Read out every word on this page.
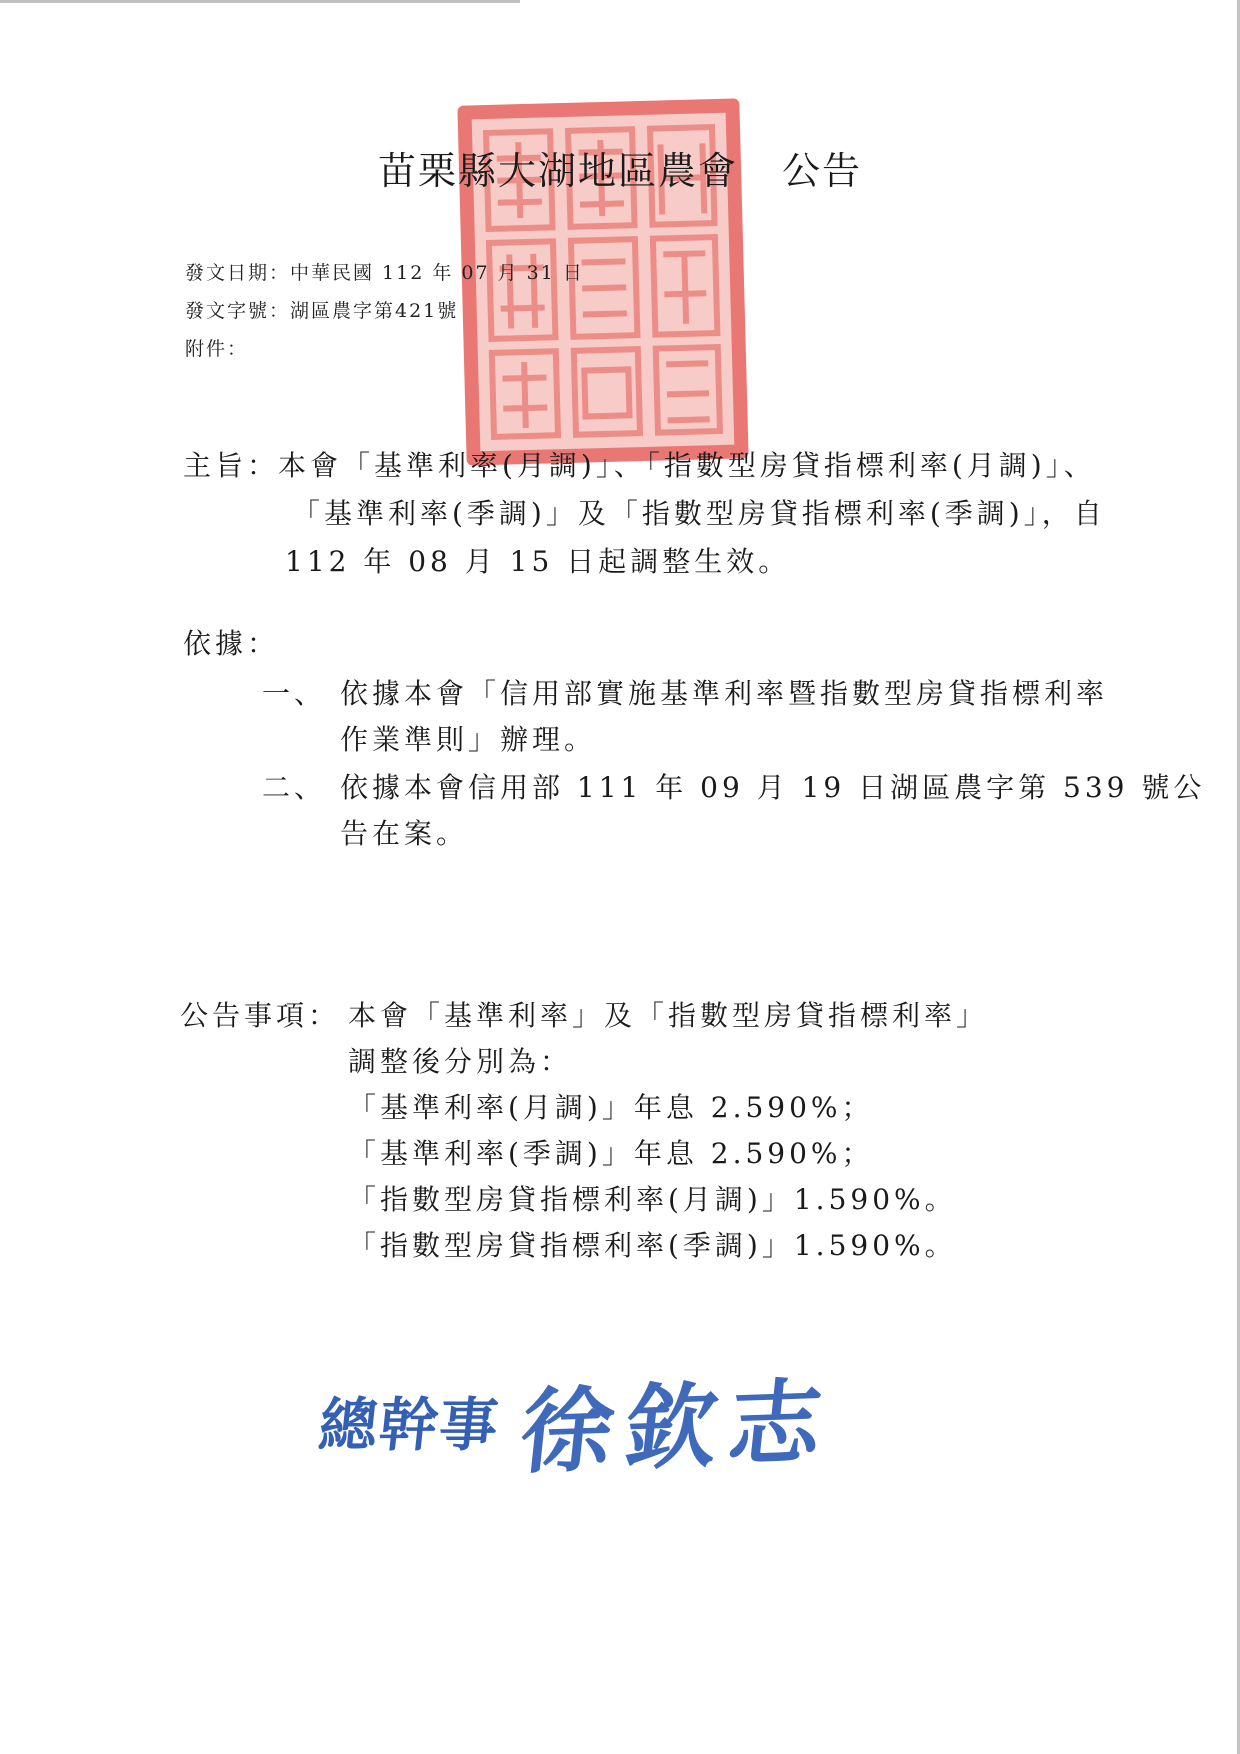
苗栗縣大湖地區農會 公告
發文日期：中華民國 112 年 07 月 31 日
發文字號：湖區農字第421號
附件：
主旨：
本會「基準利率(月調)」、「指數型房貸指標利率(月調)」、
「基準利率(季調)」及「指數型房貸指標利率(季調)」，自
112 年 08 月 15 日起調整生效。
依據：
一、 依據本會「信用部實施基準利率暨指數型房貸指標利率
作業準則」辦理。
二、 依據本會信用部 111 年 09 月 19 日湖區農字第 539 號公
告在案。
公告事項： 本會「基準利率」及「指數型房貸指標利率」
調整後分別為：
「基準利率(月調)」年息 2.590%；
「基準利率(季調)」年息 2.590%；
「指數型房貸指標利率(月調)」1.590%。
「指數型房貸指標利率(季調)」1.590%。
總幹事 徐欽志
